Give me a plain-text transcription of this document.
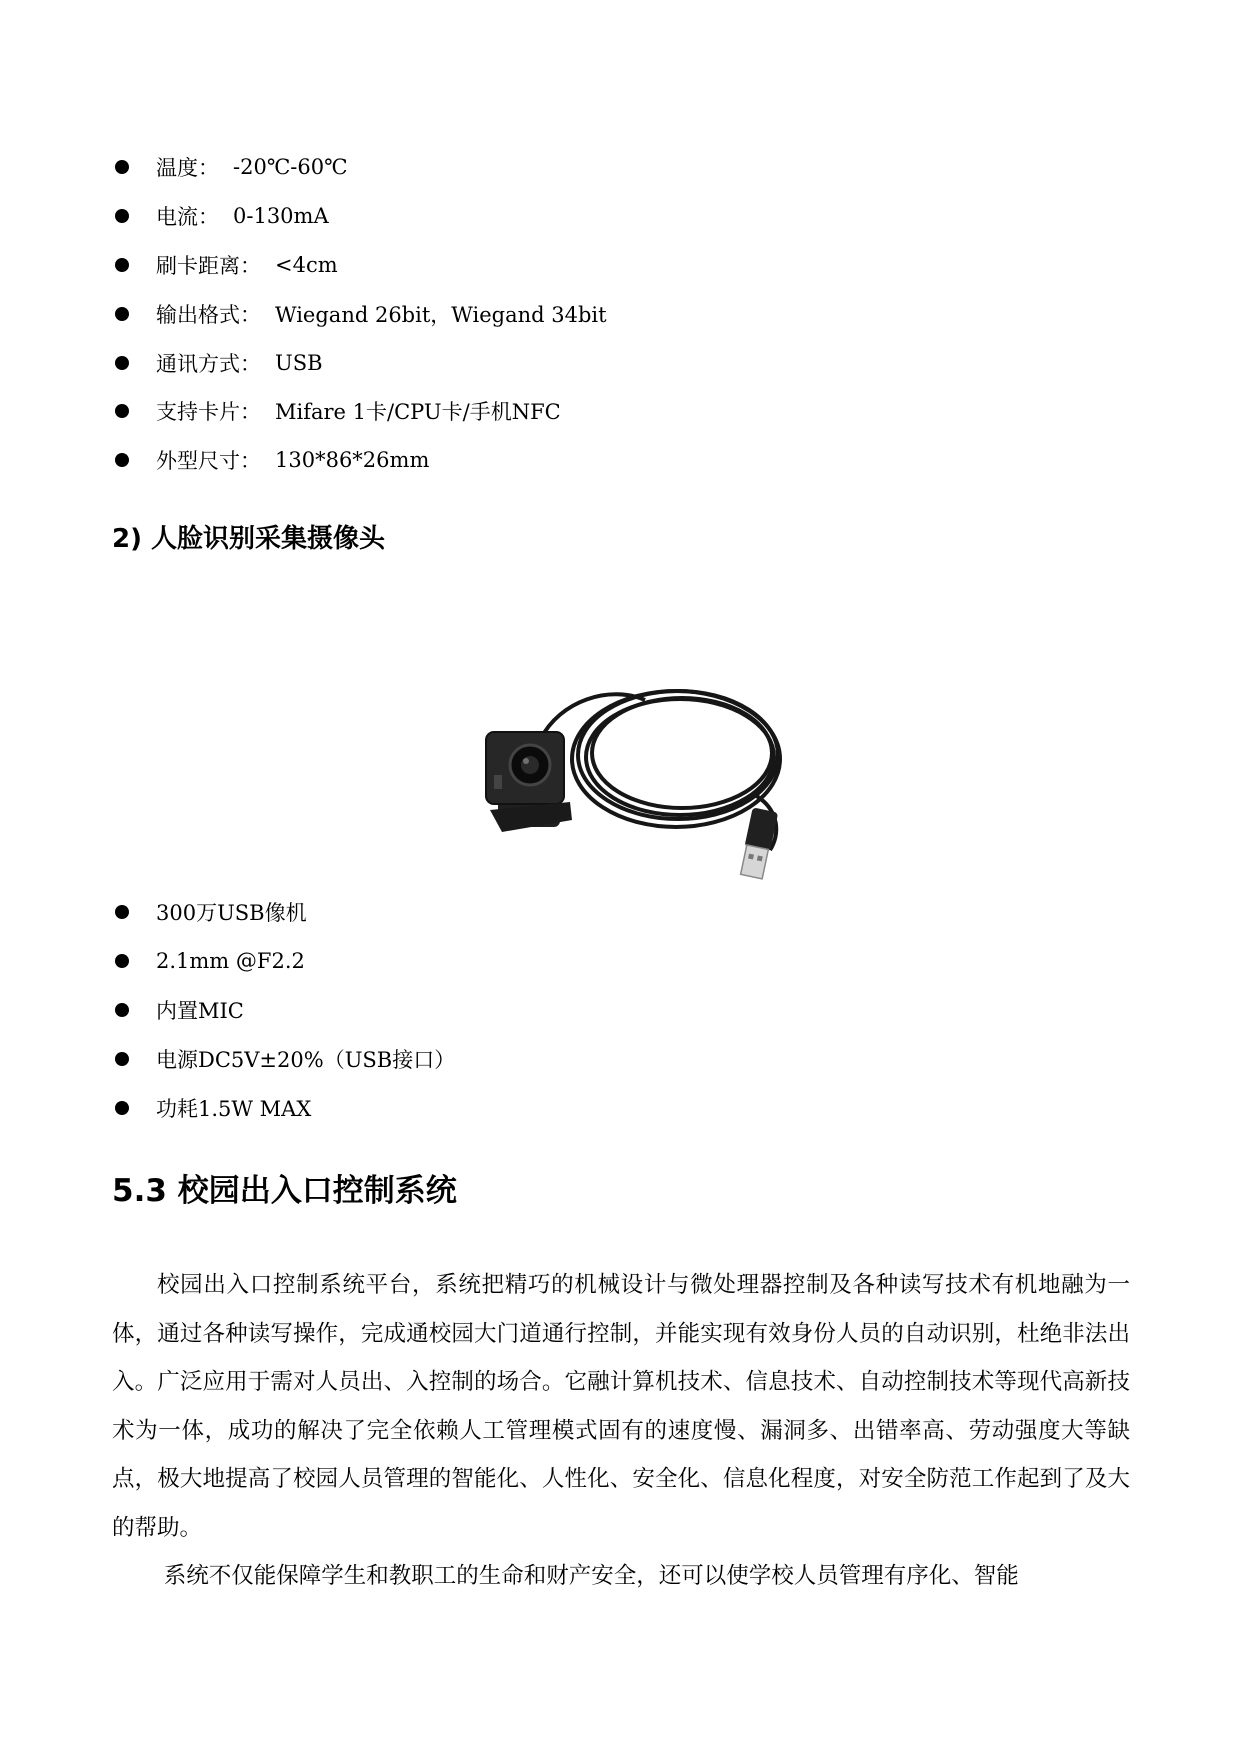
温度： -20℃-60℃
电流： 0-130mA
刷卡距离： <4cm
输出格式： Wiegand 26bit，Wiegand 34bit
通讯方式： USB
支持卡片： Mifare 1卡/CPU卡/手机NFC
外型尺寸： 130*86*26mm
2) 人脸识别采集摄像头
300万USB像机
2.1mm @F2.2
内置MIC
电源DC5V±20%（USB接口）
功耗1.5W MAX
5.3 校园出入口控制系统

校园出入口控制系统平台，系统把精巧的机械设计与微处理器控制及各种读写技术有机地融为一体，通过各种读写操作，完成通校园大门道通行控制，并能实现有效身份人员的自动识别，杜绝非法出入。广泛应用于需对人员出、入控制的场合。它融计算机技术、信息技术、自动控制技术等现代高新技术为一体，成功的解决了完全依赖人工管理模式固有的速度慢、漏洞多、出错率高、劳动强度大等缺点，极大地提高了校园人员管理的智能化、人性化、安全化、信息化程度，对安全防范工作起到了及大的帮助。

系统不仅能保障学生和教职工的生命和财产安全，还可以使学校人员管理有序化、智能
